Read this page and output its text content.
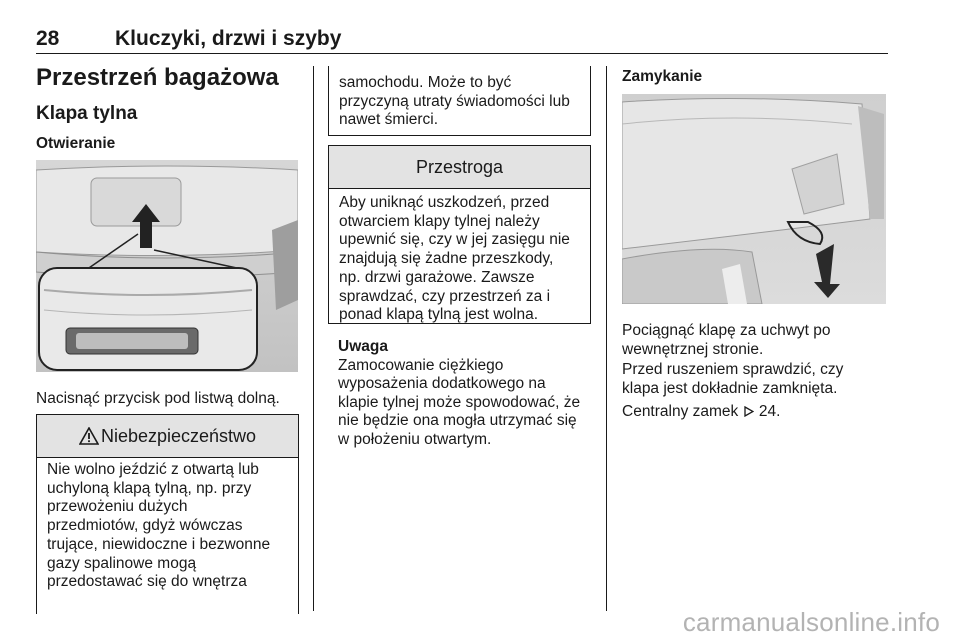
28	Kluczyki, drzwi i szyby
Przestrzeń bagażowa
Klapa tylna
Otwieranie
Nacisnąć przycisk pod listwą dolną.
Niebezpieczeństwo
Nie wolno jeździć z otwartą lub
uchyloną klapą tylną, np. przy
przewożeniu dużych
przedmiotów, gdyż wówczas
trujące, niewidoczne i bezwonne
gazy spalinowe mogą
przedostawać się do wnętrza
samochodu. Może to być
przyczyną utraty świadomości lub
nawet śmierci.
Przestroga
Aby uniknąć uszkodzeń, przed
otwarciem klapy tylnej należy
upewnić się, czy w jej zasięgu nie
znajdują się żadne przeszkody,
np. drzwi garażowe. Zawsze
sprawdzać, czy przestrzeń za i
ponad klapą tylną jest wolna.
Uwaga
Zamocowanie ciężkiego
wyposażenia dodatkowego na
klapie tylnej może spowodować, że
nie będzie ona mogła utrzymać się
w położeniu otwartym.
Zamykanie
Pociągnąć klapę za uchwyt po
wewnętrznej stronie.
Przed ruszeniem sprawdzić, czy
klapa jest dokładnie zamknięta.
Centralny zamek 24.
carmanualsonline.info
